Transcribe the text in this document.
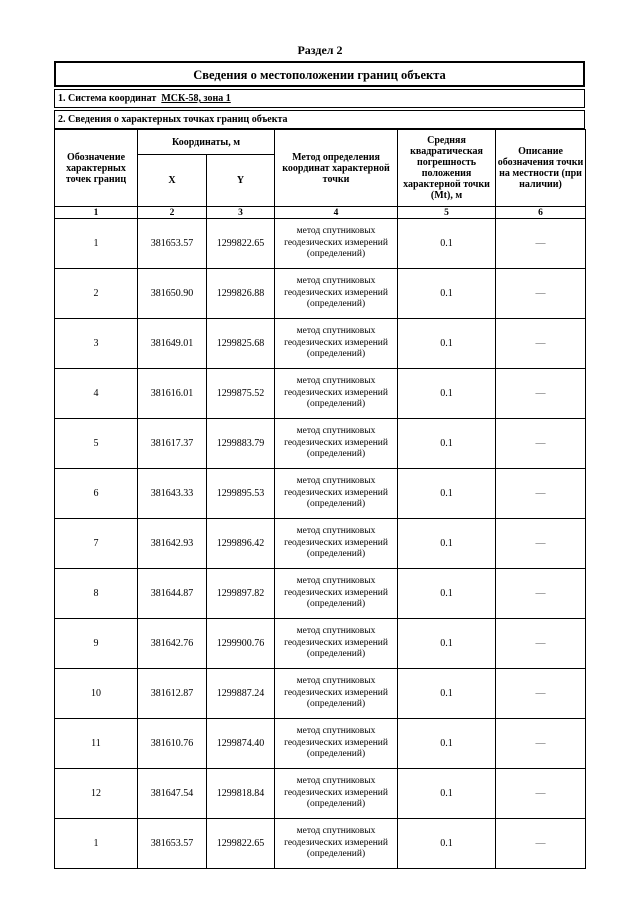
Раздел 2
Сведения о местоположении границ объекта
1. Система координат МСК-58, зона 1
2. Сведения о характерных точках границ объекта
Обозначение характерных точек границ	Координаты, м		Метод определения координат характерной точки	Средняя квадратическая погрешность положения характерной точки (Mt), м	Описание обозначения точки на местности (при наличии)
	X	Y			
1	2	3	4	5	6
1	381653.57	1299822.65	метод спутниковых геодезических измерений (определений)	0.1	—
2	381650.90	1299826.88	метод спутниковых геодезических измерений (определений)	0.1	—
3	381649.01	1299825.68	метод спутниковых геодезических измерений (определений)	0.1	—
4	381616.01	1299875.52	метод спутниковых геодезических измерений (определений)	0.1	—
5	381617.37	1299883.79	метод спутниковых геодезических измерений (определений)	0.1	—
6	381643.33	1299895.53	метод спутниковых геодезических измерений (определений)	0.1	—
7	381642.93	1299896.42	метод спутниковых геодезических измерений (определений)	0.1	—
8	381644.87	1299897.82	метод спутниковых геодезических измерений (определений)	0.1	—
9	381642.76	1299900.76	метод спутниковых геодезических измерений (определений)	0.1	—
10	381612.87	1299887.24	метод спутниковых геодезических измерений (определений)	0.1	—
11	381610.76	1299874.40	метод спутниковых геодезических измерений (определений)	0.1	—
12	381647.54	1299818.84	метод спутниковых геодезических измерений (определений)	0.1	—
1	381653.57	1299822.65	метод спутниковых геодезических измерений (определений)	0.1	—
